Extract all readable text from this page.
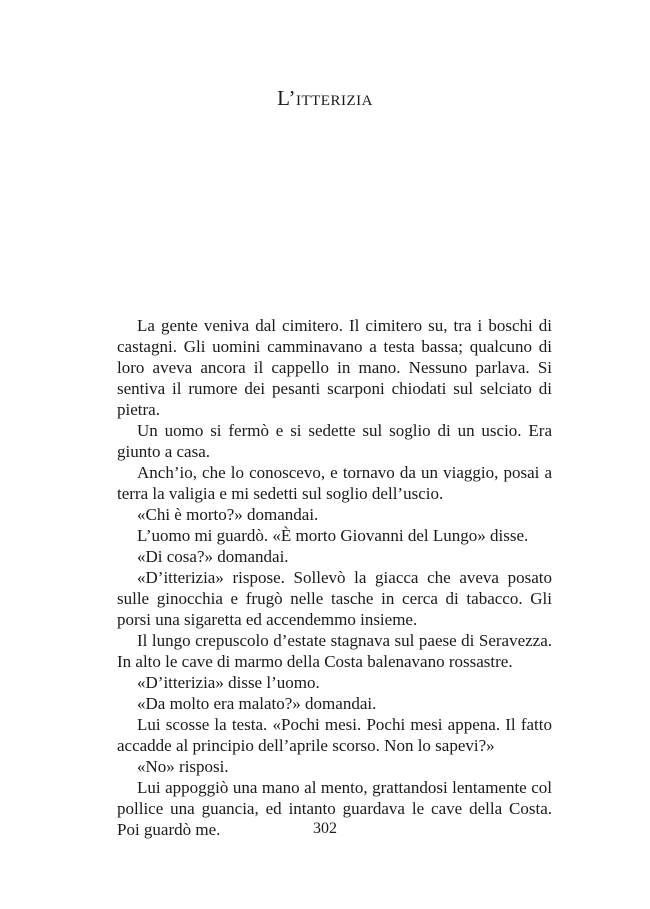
L’itterizia

La gente veniva dal cimitero. Il cimitero su, tra i boschi di castagni. Gli uomini camminavano a testa bassa; qualcuno di loro aveva ancora il cappello in mano. Nessuno parlava. Si sentiva il rumore dei pesanti scarponi chiodati sul selciato di pietra.

Un uomo si fermò e si sedette sul soglio di un uscio. Era giunto a casa.

Anch’io, che lo conoscevo, e tornavo da un viaggio, posai a terra la valigia e mi sedetti sul soglio dell’uscio.

«Chi è morto?» domandai.

L’uomo mi guardò. «È morto Giovanni del Lungo» disse.

«Di cosa?» domandai.

«D’itterizia» rispose. Sollevò la giacca che aveva posato sulle ginocchia e frugò nelle tasche in cerca di tabacco. Gli porsi una sigaretta ed accendemmo insieme.

Il lungo crepuscolo d’estate stagnava sul paese di Seravezza. In alto le cave di marmo della Costa balenavano rossastre.

«D’itterizia» disse l’uomo.

«Da molto era malato?» domandai.

Lui scosse la testa. «Pochi mesi. Pochi mesi appena. Il fatto accadde al principio dell’aprile scorso. Non lo sapevi?»

«No» risposi.

Lui appoggiò una mano al mento, grattandosi lentamente col pollice una guancia, ed intanto guardava le cave della Costa. Poi guardò me.	302
